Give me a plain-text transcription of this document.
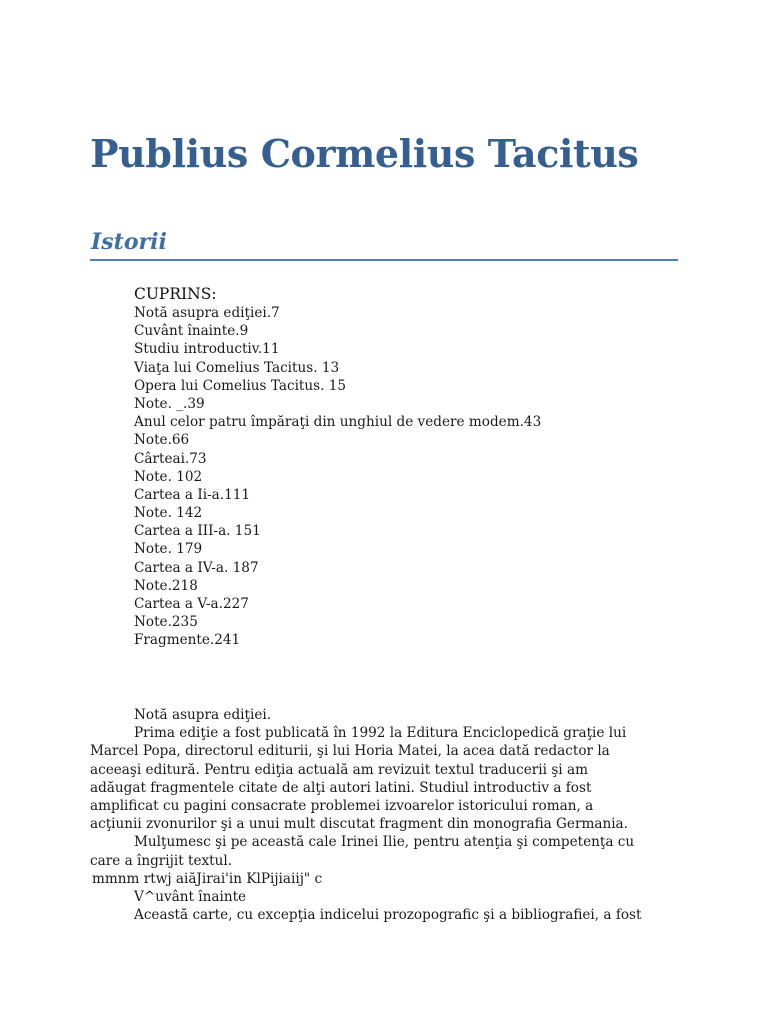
Publius Cormelius Tacitus
Istorii
CUPRINS:
Notă asupra ediţiei.7
Cuvânt înainte.9
Studiu introductiv.11
Viaţa lui Comelius Tacitus. 13
Opera lui Comelius Tacitus. 15
Note. _.39
Anul celor patru împăraţi din unghiul de vedere modem.43
Note.66
Cârteai.73
Note. 102
Cartea a Ii-a.111
Note. 142
Cartea a III-a. 151
Note. 179
Cartea a IV-a. 187
Note.218
Cartea a V-a.227
Note.235
Fragmente.241
Notă asupra ediţiei.
Prima ediţie a fost publicată în 1992 la Editura Enciclopedică graţie lui
Marcel Popa, directorul editurii, şi lui Horia Matei, la acea dată redactor la
aceeaşi editură. Pentru ediţia actuală am revizuit textul traducerii şi am
adăugat fragmentele citate de alţi autori latini. Studiul introductiv a fost
amplificat cu pagini consacrate problemei izvoarelor istoricului roman, a
acţiunii zvonurilor şi a unui mult discutat fragment din monografia Germania.
Mulţumesc şi pe această cale Irinei Ilie, pentru atenţia şi competenţa cu
care a îngrijit textul.
mmnm rtwj aiăJirai'in KlPijiaiij" c
V^uvânt înainte
Această carte, cu excepţia indicelui prozopografic şi a bibliografiei, a fost
